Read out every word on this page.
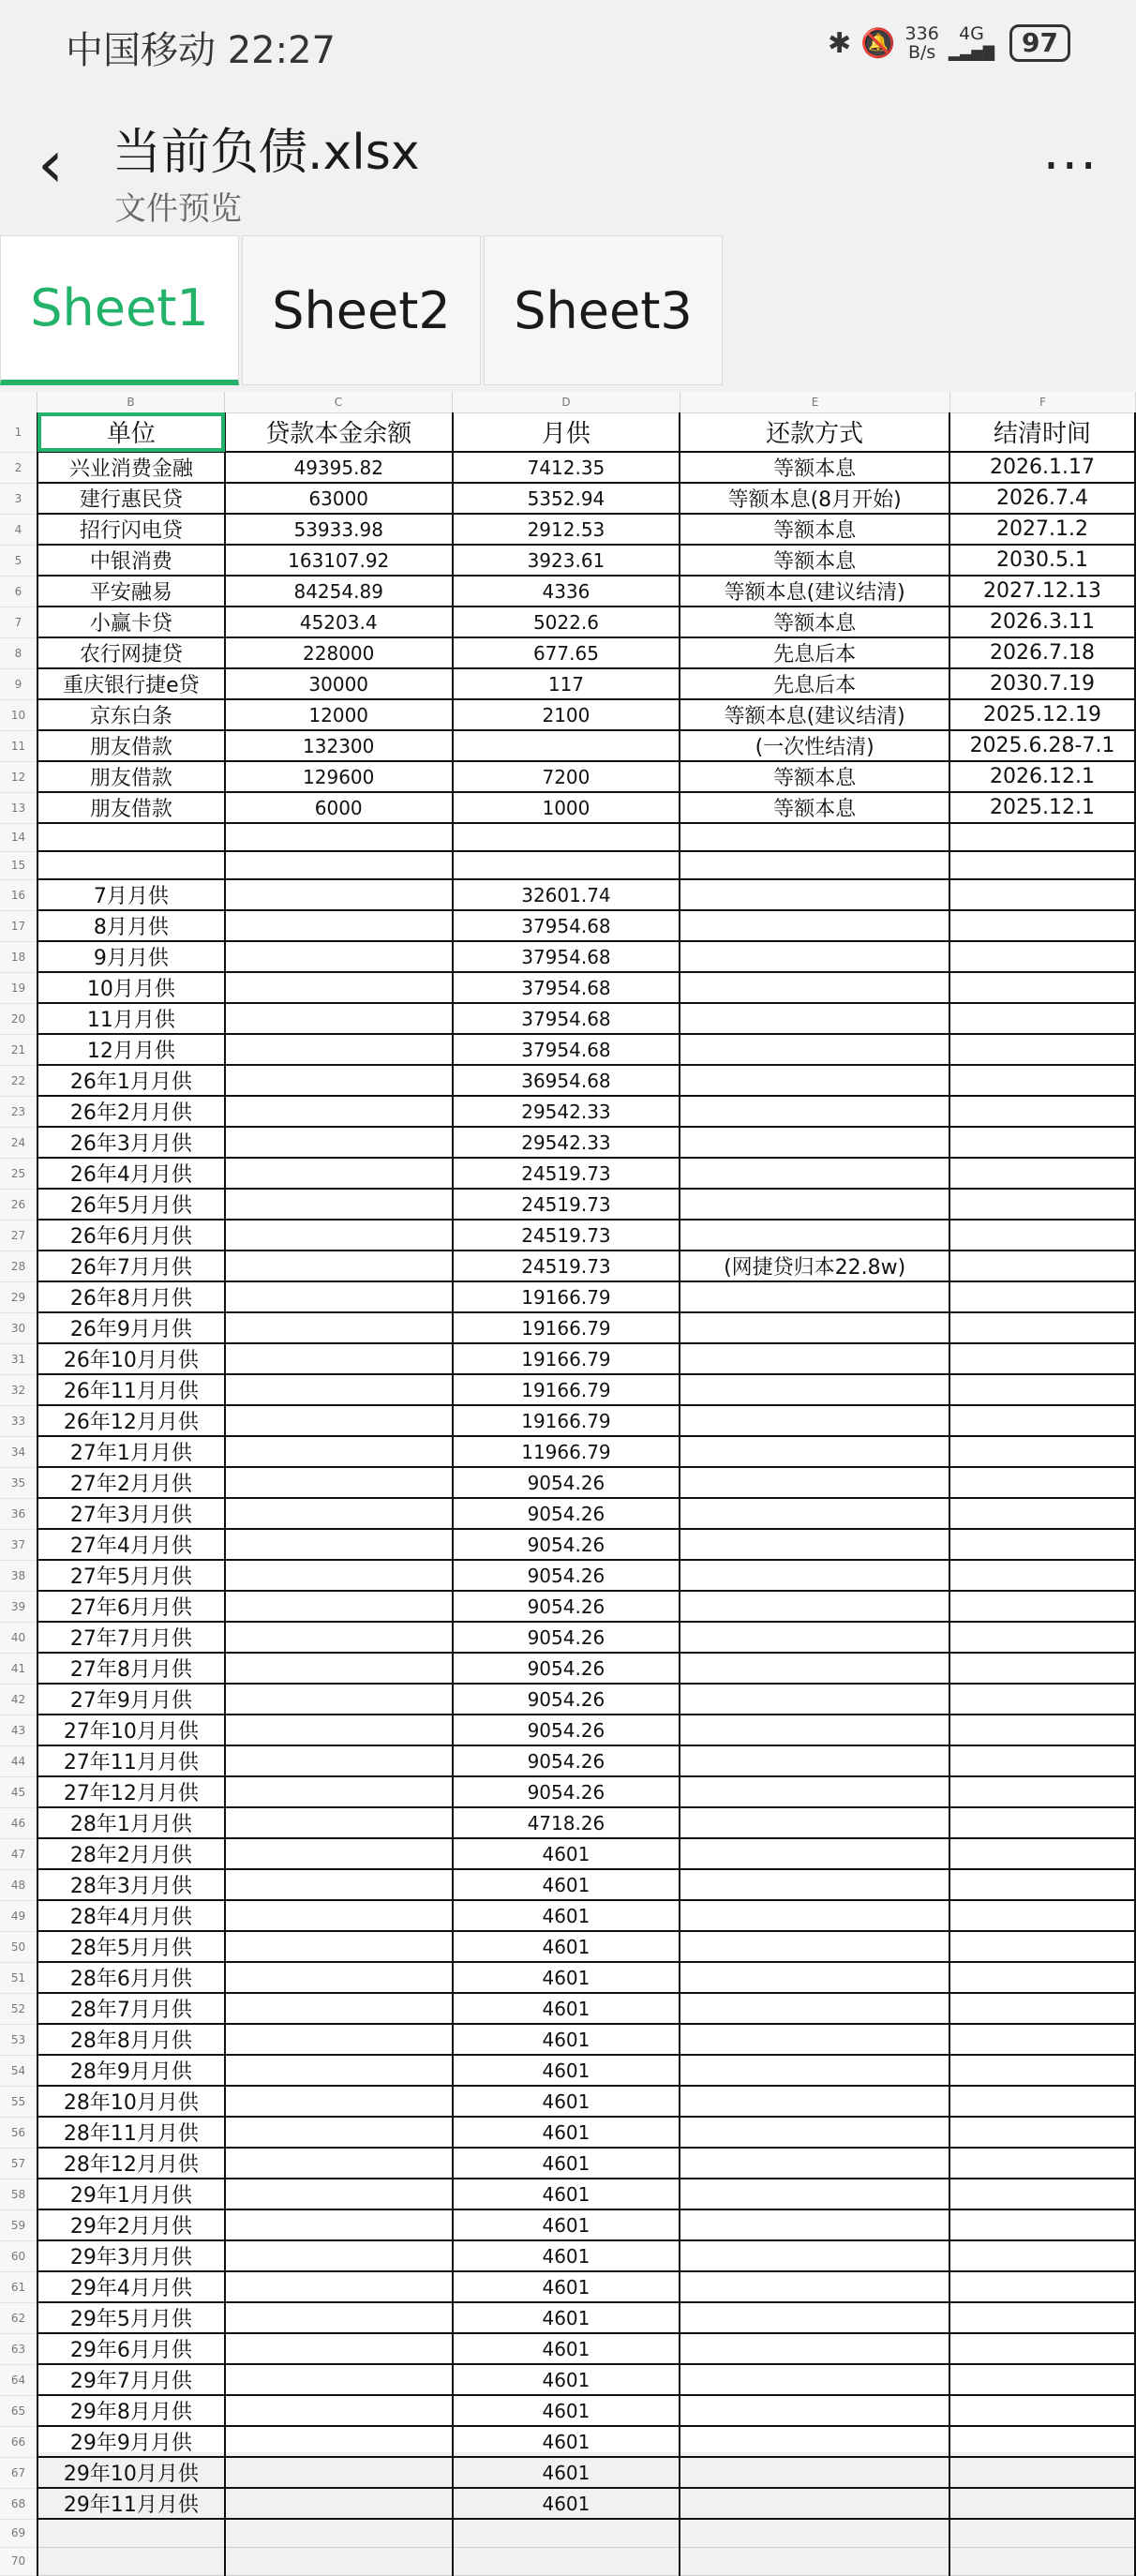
中国移动 22:27	✱ 🔕 336
B/s
4G
▂▃▅▇	97
‹	当前负债.xlsx
文件预览
···
Sheet1	Sheet2	Sheet3
B	C	D	E	F
1	单位	贷款本金余额	月供	还款方式	结清时间
2	兴业消费金融	49395.82	7412.35	等额本息	2026.1.17
3	建行惠民贷	63000	5352.94	等额本息(8月开始)	2026.7.4
4	招行闪电贷	53933.98	2912.53	等额本息	2027.1.2
5	中银消费	163107.92	3923.61	等额本息	2030.5.1
6	平安融易	84254.89	4336	等额本息(建议结清)	2027.12.13
7	小赢卡贷	45203.4	5022.6	等额本息	2026.3.11
8	农行网捷贷	228000	677.65	先息后本	2026.7.18
9	重庆银行捷e贷	30000	117	先息后本	2030.7.19
10	京东白条	12000	2100	等额本息(建议结清)	2025.12.19
11	朋友借款	132300		(一次性结清)	2025.6.28-7.1
12	朋友借款	129600	7200	等额本息	2026.12.1
13	朋友借款	6000	1000	等额本息	2025.12.1
14					
15					
16	7月月供		32601.74		
17	8月月供		37954.68		
18	9月月供		37954.68		
19	10月月供		37954.68		
20	11月月供		37954.68		
21	12月月供		37954.68		
22	26年1月月供		36954.68		
23	26年2月月供		29542.33		
24	26年3月月供		29542.33		
25	26年4月月供		24519.73		
26	26年5月月供		24519.73		
27	26年6月月供		24519.73		
28	26年7月月供		24519.73	(网捷贷归本22.8w)	
29	26年8月月供		19166.79		
30	26年9月月供		19166.79		
31	26年10月月供		19166.79		
32	26年11月月供		19166.79		
33	26年12月月供		19166.79		
34	27年1月月供		11966.79		
35	27年2月月供		9054.26		
36	27年3月月供		9054.26		
37	27年4月月供		9054.26		
38	27年5月月供		9054.26		
39	27年6月月供		9054.26		
40	27年7月月供		9054.26		
41	27年8月月供		9054.26		
42	27年9月月供		9054.26		
43	27年10月月供		9054.26		
44	27年11月月供		9054.26		
45	27年12月月供		9054.26		
46	28年1月月供		4718.26		
47	28年2月月供		4601		
48	28年3月月供		4601		
49	28年4月月供		4601		
50	28年5月月供		4601		
51	28年6月月供		4601		
52	28年7月月供		4601		
53	28年8月月供		4601		
54	28年9月月供		4601		
55	28年10月月供		4601		
56	28年11月月供		4601		
57	28年12月月供		4601		
58	29年1月月供		4601		
59	29年2月月供		4601		
60	29年3月月供		4601		
61	29年4月月供		4601		
62	29年5月月供		4601		
63	29年6月月供		4601		
64	29年7月月供		4601		
65	29年8月月供		4601		
66	29年9月月供		4601		
67	29年10月月供		4601		
68	29年11月月供		4601		
69					
70					
